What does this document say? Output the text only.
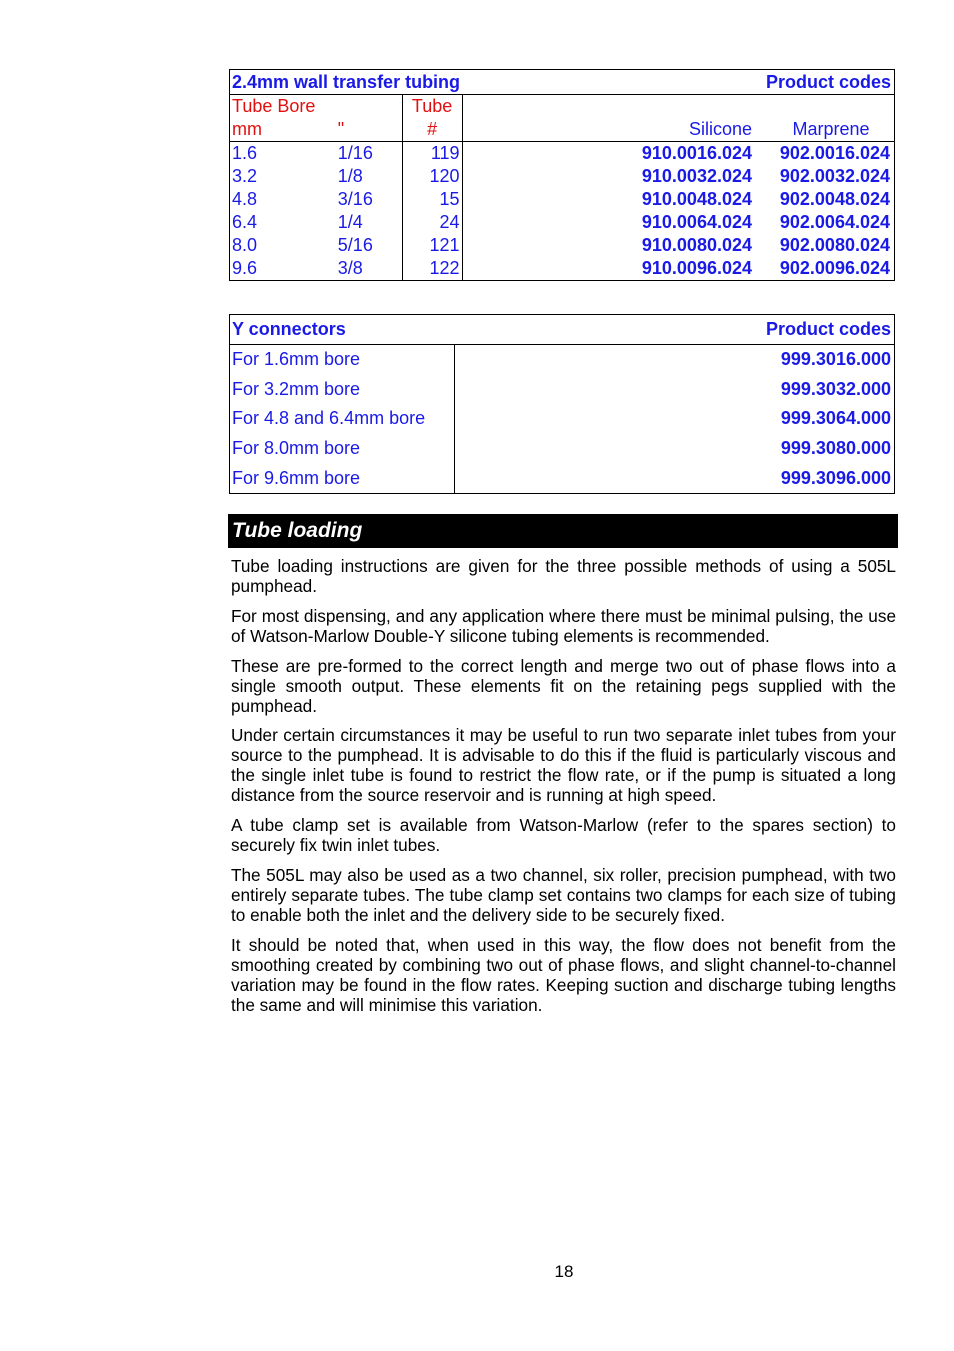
2.4mm wall transfer tubing			Product codes	
Tube Bore		Tube		
mm	"	#	Silicone	Marprene
1.6	1/16	119	910.0016.024	902.0016.024
3.2	1/8	120	910.0032.024	902.0032.024
4.8	3/16	15	910.0048.024	902.0048.024
6.4	1/4	24	910.0064.024	902.0064.024
8.0	5/16	121	910.0080.024	902.0080.024
9.6	3/8	122	910.0096.024	902.0096.024
Y connectors	Product codes
For 1.6mm bore	999.3016.000
For 3.2mm bore	999.3032.000
For 4.8 and 6.4mm bore	999.3064.000
For 8.0mm bore	999.3080.000
For 9.6mm bore	999.3096.000
Tube loading

Tube loading instructions are given for the three possible methods of using a 505L pumphead.

For most dispensing, and any application where there must be minimal pulsing, the use of Watson-Marlow Double-Y silicone tubing elements is recommended.

These are pre-formed to the correct length and merge two out of phase flows into a single smooth output. These elements fit on the retaining pegs supplied with the pumphead.

Under certain circumstances it may be useful to run two separate inlet tubes from your source to the pumphead. It is advisable to do this if the fluid is particularly viscous and the single inlet tube is found to restrict the flow rate, or if the pump is situated a long distance from the source reservoir and is running at high speed.

A tube clamp set is available from Watson-Marlow (refer to the spares section) to securely fix twin inlet tubes.

The 505L may also be used as a two channel, six roller, precision pumphead, with two entirely separate tubes. The tube clamp set contains two clamps for each size of tubing to enable both the inlet and the delivery side to be securely fixed.

It should be noted that, when used in this way, the flow does not benefit from the smoothing created by combining two out of phase flows, and slight channel-to-channel variation may be found in the flow rates. Keeping suction and discharge tubing lengths the same and will minimise this variation.

18
